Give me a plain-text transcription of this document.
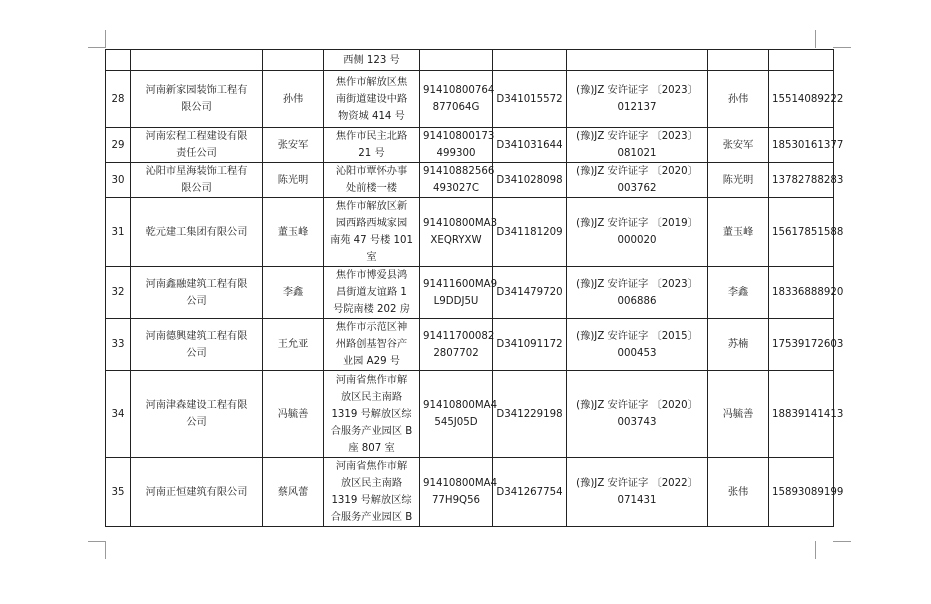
			西侧 123 号					

28	河南新家园装饰工程有
限公司	孙伟	焦作市解放区焦
南街道建设中路
物资城 414 号	91410800764
877064G	D341015572	(豫)JZ 安许证字 〔2023〕
012137	孙伟	15514089222

29	河南宏程工程建设有限
责任公司	张安军	焦作市民主北路
21 号	91410800173
499300	D341031644	(豫)JZ 安许证字 〔2023〕
081021	张安军	18530161377

30	沁阳市星海装饰工程有
限公司	陈光明	沁阳市覃怀办事
处前楼一楼	91410882566
493027C	D341028098	(豫)JZ 安许证字 〔2020〕
003762	陈光明	13782788283

31	乾元建工集团有限公司	董玉峰	焦作市解放区新
园西路西城家园
南苑 47 号楼 101
室	91410800MA3
XEQRYXW	D341181209	(豫)JZ 安许证字 〔2019〕
000020	董玉峰	15617851588

32	河南鑫融建筑工程有限
公司	李鑫	焦作市博爱县鸿
昌街道友谊路 1
号院南楼 202 房	91411600MA9
L9DDJ5U	D341479720	(豫)JZ 安许证字 〔2023〕
006886	李鑫	18336888920

33	河南德興建筑工程有限
公司	王允亚	焦作市示范区神
州路创基智谷产
业园 A29 号	91411700082
2807702	D341091172	(豫)JZ 安许证字 〔2015〕
000453	苏楠	17539172603

34	河南津森建设工程有限
公司	冯毓善	河南省焦作市解
放区民主南路
1319 号解放区综
合服务产业园区 B
座 807 室	91410800MA4
545J05D	D341229198	(豫)JZ 安许证字 〔2020〕
003743	冯毓善	18839141413

35	河南正恒建筑有限公司	蔡风蕾	河南省焦作市解
放区民主南路
1319 号解放区综
合服务产业园区 B	91410800MA4
77H9Q56	D341267754	(豫)JZ 安许证字 〔2022〕
071431	张伟	15893089199
